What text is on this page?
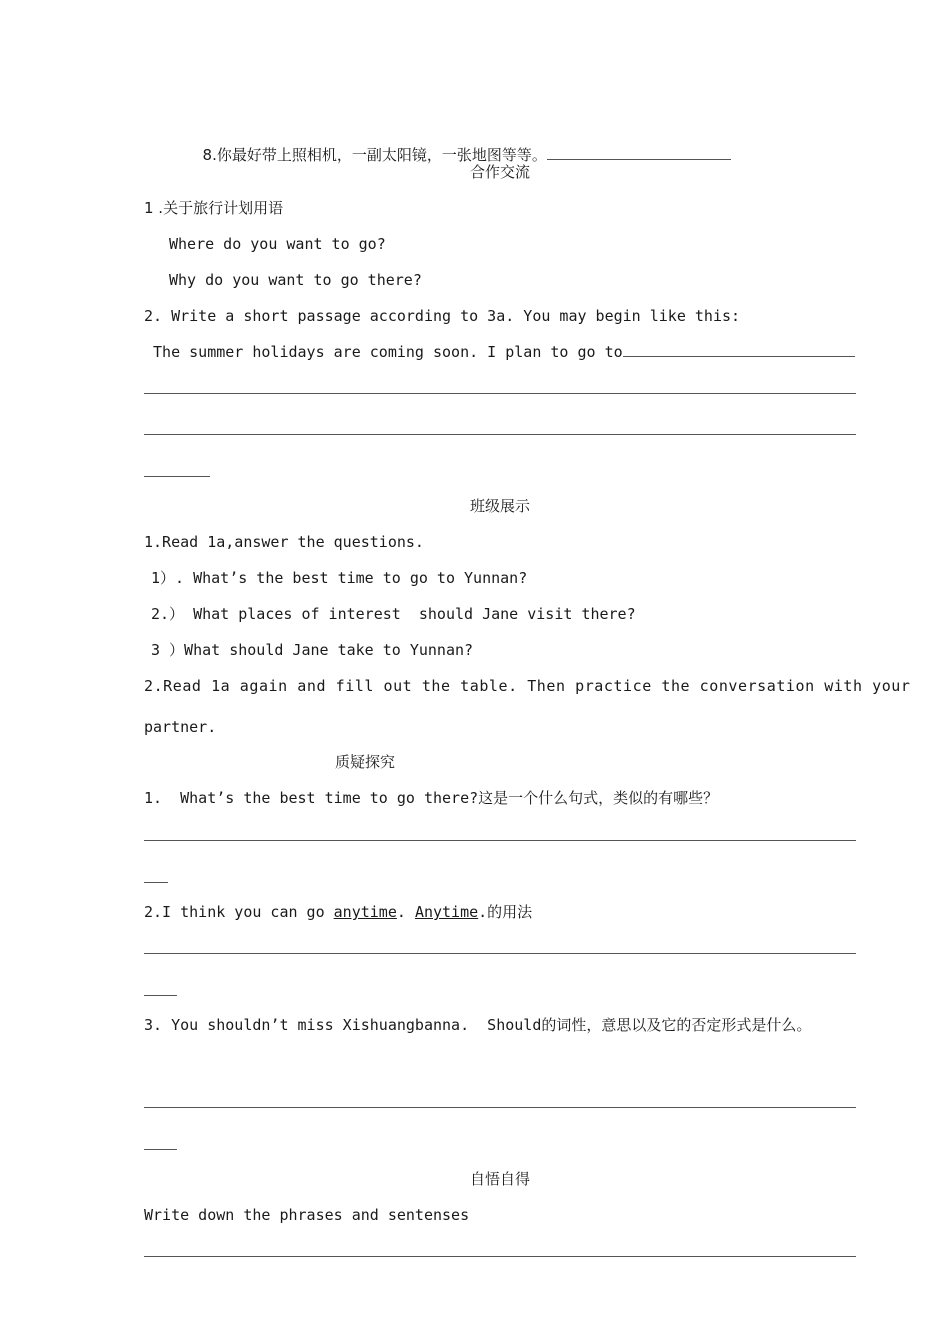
8.你最好带上照相机，一副太阳镜，一张地图等等。

合作交流
1 .关于旅行计划用语
Where do you want to go?
Why do you want to go there?
2. Write a short passage according to 3a. You may begin like this:
The summer holidays are coming soon. I plan to go to
班级展示
1.Read 1a,answer the questions.
1）. What’s the best time to go to Yunnan?
2.） What places of interest  should Jane visit there?
3 ）What should Jane take to Yunnan?
2.Read 1a again and fill out the table. Then practice the conversation with your
partner.
质疑探究
1.  What’s the best time to go there?这是一个什么句式，类似的有哪些？
2.I think you can go anytime. Anytime.的用法
3. You shouldn’t miss Xishuangbanna.  Should的词性，意思以及它的否定形式是什么。
自悟自得
Write down the phrases and sentenses
